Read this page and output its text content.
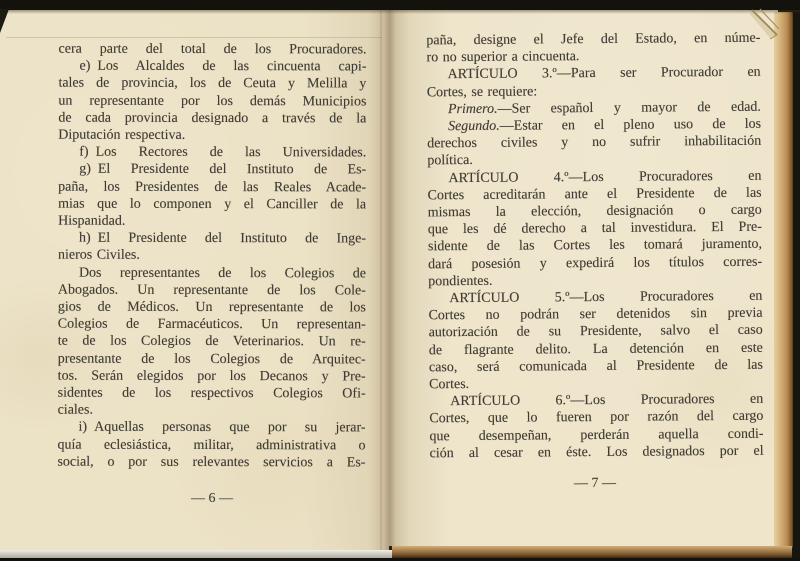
cera parte del total de los Procuradores.
e) Los Alcaldes de las cincuenta capi-
tales de provincia, los de Ceuta y Melilla y
un representante por los demás Municipios
de cada provincia designado a través de la
Diputación respectiva.
f) Los Rectores de las Universidades.
g) El Presidente del Instituto de Es-
paña, los Presidentes de las Reales Acade-
mias que lo componen y el Canciller de la
Hispanidad.
h) El Presidente del Instituto de Inge-
nieros Civiles.
Dos representantes de los Colegios de
Abogados. Un representante de los Cole-
gios de Médicos. Un representante de los
Colegios de Farmacéuticos. Un representan-
te de los Colegios de Veterinarios. Un re-
presentante de los Colegios de Arquitec-
tos. Serán elegidos por los Decanos y Pre-
sidentes de los respectivos Colegios Ofi-
ciales.
i) Aquellas personas que por su jerar-
quía eclesiástica, militar, administrativa o
social, o por sus relevantes servicios a Es-
paña, designe el Jefe del Estado, en núme-
ro no superior a cincuenta.
ARTÍCULO 3.º—Para ser Procurador en
Cortes, se requiere:
Primero.—Ser español y mayor de edad.
Segundo.—Estar en el pleno uso de los
derechos civiles y no sufrir inhabilitación
política.
ARTÍCULO 4.º—Los Procuradores en
Cortes acreditarán ante el Presidente de las
mismas la elección, designación o cargo
que les dé derecho a tal investidura. El Pre-
sidente de las Cortes les tomará juramento,
dará posesión y expedirá los títulos corres-
pondientes.
ARTÍCULO 5.º—Los Procuradores en
Cortes no podrán ser detenidos sin previa
autorización de su Presidente, salvo el caso
de flagrante delito. La detención en este
caso, será comunicada al Presidente de las
Cortes.
ARTÍCULO 6.º—Los Procuradores en
Cortes, que lo fueren por razón del cargo
que desempeñan, perderán aquella condi-
ción al cesar en éste. Los designados por el
— 6 —
— 7 —
